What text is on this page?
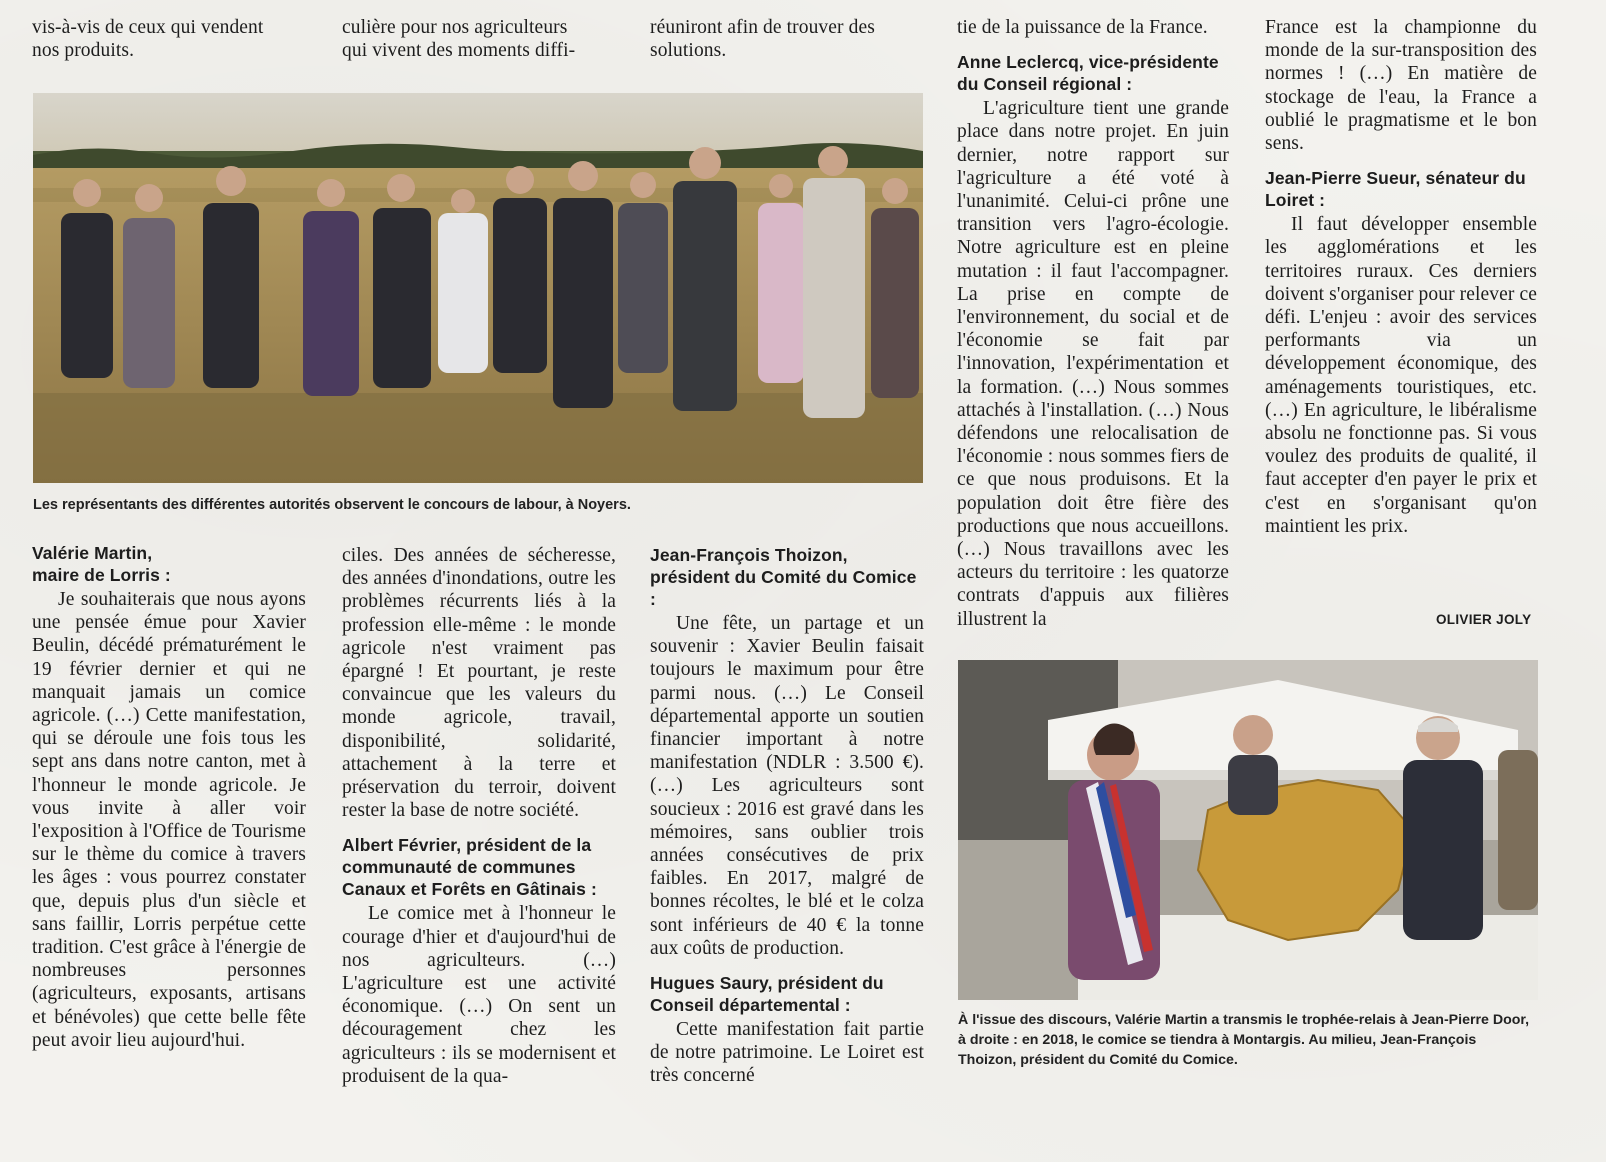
vis-à-vis de ceux qui vendent

nos produits.

culière pour nos agriculteurs

qui vivent des moments diffi-

réuniront afin de trouver des

solutions.

Les représentants des différentes autorités observent le concours de labour, à Noyers.
Valérie Martin,
maire de Lorris :

Je souhaiterais que nous ayons une pensée émue pour Xavier Beulin, décédé prématurément le 19 février dernier et qui ne manquait jamais un comice agricole. (…) Cette manifestation, qui se déroule une fois tous les sept ans dans notre canton, met à l'honneur le monde agricole. Je vous invite à aller voir l'exposition à l'Office de Tourisme sur le thème du comice à travers les âges : vous pourrez constater que, depuis plus d'un siècle et sans faillir, Lorris perpétue cette tradition. C'est grâce à l'énergie de nombreuses personnes (agriculteurs, exposants, artisans et bénévoles) que cette belle fête peut avoir lieu aujourd'hui.

ciles. Des années de sécheresse, des années d'inondations, outre les problèmes récurrents liés à la profession elle-même : le monde agricole n'est vraiment pas épargné ! Et pourtant, je reste convaincue que les valeurs du monde agricole, travail, disponibilité, solidarité, attachement à la terre et préservation du terroir, doivent rester la base de notre société.

Albert Février, président de la communauté de communes Canaux et Forêts en Gâtinais :

Le comice met à l'honneur le courage d'hier et d'aujourd'hui de nos agriculteurs. (…) L'agriculture est une activité économique. (…) On sent un découragement chez les agriculteurs : ils se modernisent et produisent de la qua-

Jean-François Thoizon, président du Comité du Comice :

Une fête, un partage et un souvenir : Xavier Beulin faisait toujours le maximum pour être parmi nous. (…) Le Conseil départemental apporte un soutien financier important à notre manifestation (NDLR : 3.500 €). (…) Les agriculteurs sont soucieux : 2016 est gravé dans les mémoires, sans oublier trois années consécutives de prix faibles. En 2017, malgré de bonnes récoltes, le blé et le colza sont inférieurs de 40 € la tonne aux coûts de production.

Hugues Saury, président du Conseil départemental :

Cette manifestation fait partie de notre patrimoine. Le Loiret est très concerné

tie de la puissance de la France.

Anne Leclercq, vice-présidente du Conseil régional :

L'agriculture tient une grande place dans notre projet. En juin dernier, notre rapport sur l'agriculture a été voté à l'unanimité. Celui-ci prône une transition vers l'agro-écologie. Notre agriculture est en pleine mutation : il faut l'accompagner. La prise en compte de l'environnement, du social et de l'économie se fait par l'innovation, l'expérimentation et la formation. (…) Nous sommes attachés à l'installation. (…) Nous défendons une relocalisation de l'économie : nous sommes fiers de ce que nous produisons. Et la population doit être fière des productions que nous accueillons. (…) Nous travaillons avec les acteurs du territoire : les quatorze contrats d'appuis aux filières illustrent la

France est la championne du monde de la sur-transposition des normes ! (…) En matière de stockage de l'eau, la France a oublié le pragmatisme et le bon sens.

Jean-Pierre Sueur, sénateur du Loiret :

Il faut développer ensemble les agglomérations et les territoires ruraux. Ces derniers doivent s'organiser pour relever ce défi. L'enjeu : avoir des services performants via un développement économique, des aménagements touristiques, etc. (…) En agriculture, le libéralisme absolu ne fonctionne pas. Si vous voulez des produits de qualité, il faut accepter d'en payer le prix et c'est en s'organisant qu'on maintient les prix.

OLIVIER JOLY
À l'issue des discours, Valérie Martin a transmis le trophée-relais à Jean-Pierre Door, à droite : en 2018, le comice se tiendra à Montargis. Au milieu, Jean-François Thoizon, président du Comité du Comice.
